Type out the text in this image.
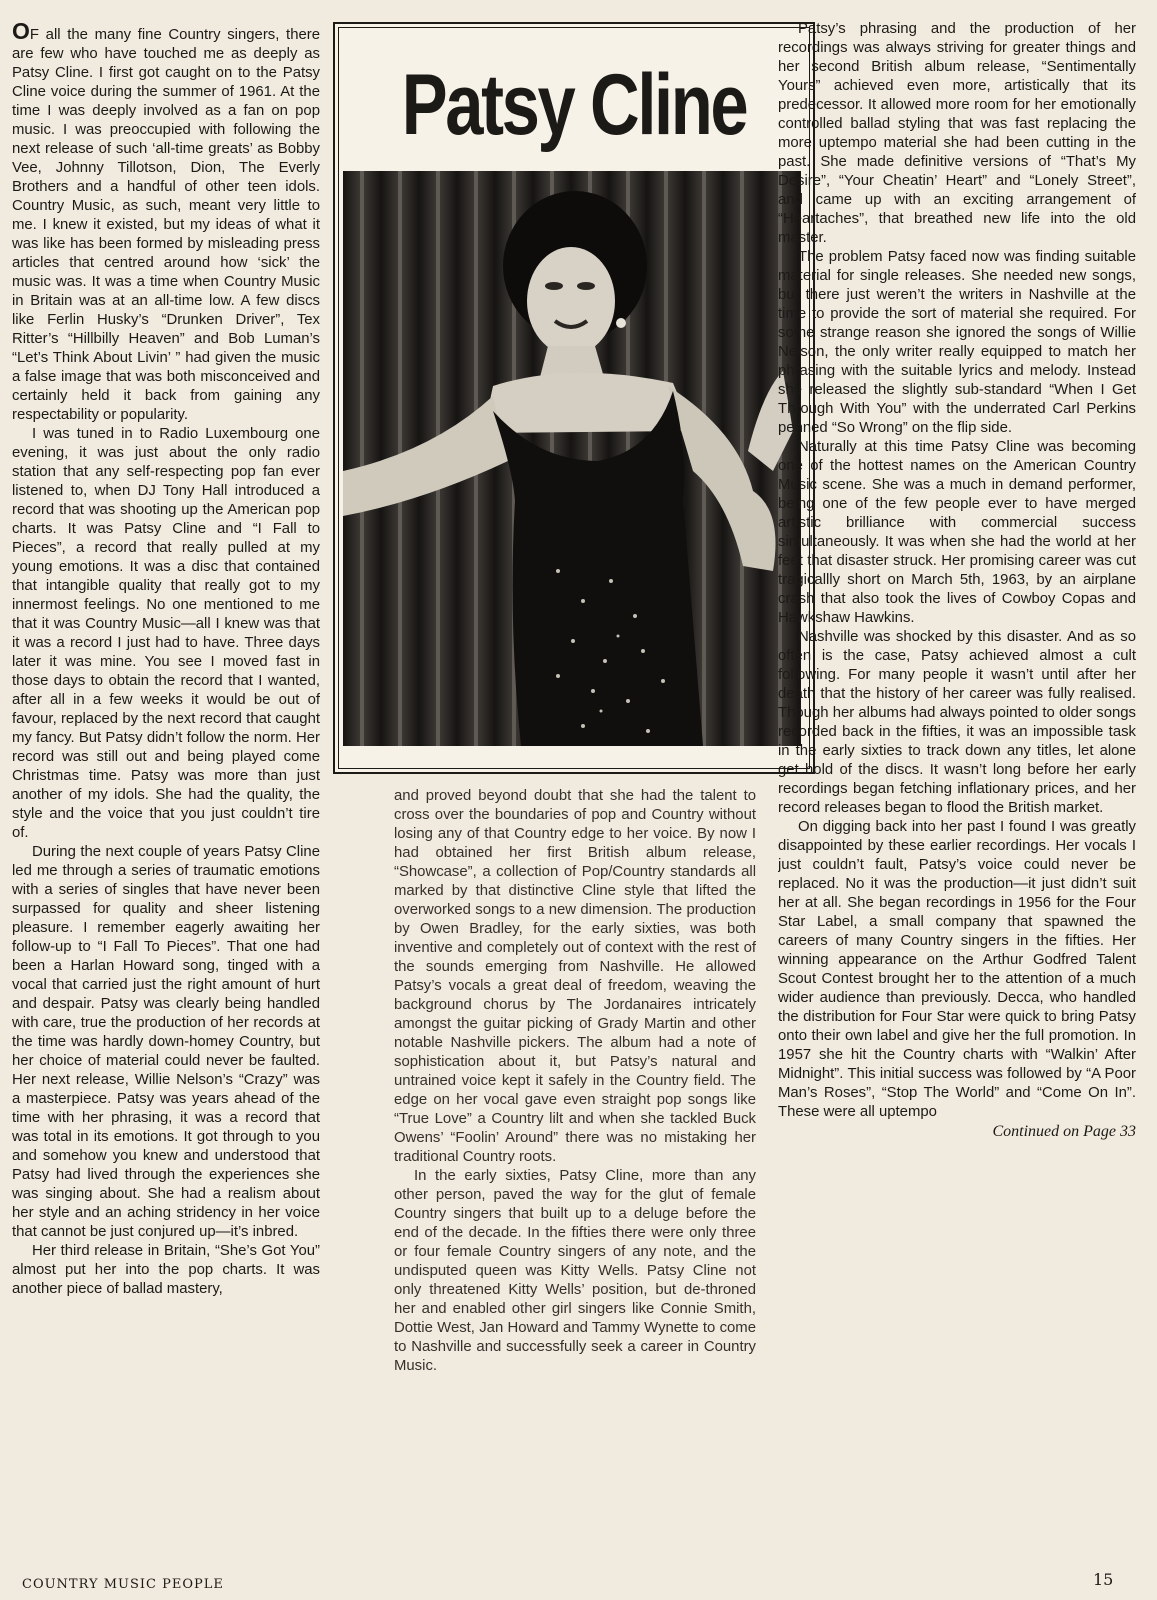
OF all the many fine Country singers, there are few who have touched me as deeply as Patsy Cline. I first got caught on to the Patsy Cline voice during the summer of 1961. At the time I was deeply involved as a fan on pop music. I was preoccupied with following the next release of such ‘all-time greats’ as Bobby Vee, Johnny Tillotson, Dion, The Everly Brothers and a handful of other teen idols. Country Music, as such, meant very little to me. I knew it existed, but my ideas of what it was like has been formed by misleading press articles that centred around how ‘sick’ the music was. It was a time when Country Music in Britain was at an all-time low. A few discs like Ferlin Husky’s “Drunken Driver”, Tex Ritter’s “Hillbilly Heaven” and Bob Luman’s “Let’s Think About Livin’ ” had given the music a false image that was both misconceived and certainly held it back from gaining any respectability or popularity.

I was tuned in to Radio Luxembourg one evening, it was just about the only radio station that any self-respecting pop fan ever listened to, when DJ Tony Hall introduced a record that was shooting up the American pop charts. It was Patsy Cline and “I Fall to Pieces”, a record that really pulled at my young emotions. It was a disc that contained that intangible quality that really got to my innermost feelings. No one mentioned to me that it was Country Music—all I knew was that it was a record I just had to have. Three days later it was mine. You see I moved fast in those days to obtain the record that I wanted, after all in a few weeks it would be out of favour, replaced by the next record that caught my fancy. But Patsy didn’t follow the norm. Her record was still out and being played come Christmas time. Patsy was more than just another of my idols. She had the quality, the style and the voice that you just couldn’t tire of.

During the next couple of years Patsy Cline led me through a series of traumatic emotions with a series of singles that have never been surpassed for quality and sheer listening pleasure. I remember eagerly awaiting her follow-up to “I Fall To Pieces”. That one had been a Harlan Howard song, tinged with a vocal that carried just the right amount of hurt and despair. Patsy was clearly being handled with care, true the production of her records at the time was hardly down-homey Country, but her choice of material could never be faulted. Her next release, Willie Nelson’s “Crazy” was a masterpiece. Patsy was years ahead of the time with her phrasing, it was a record that was total in its emotions. It got through to you and somehow you knew and understood that Patsy had lived through the experiences she was singing about. She had a realism about her style and an aching stridency in her voice that cannot be just conjured up—it’s inbred.

Her third release in Britain, “She’s Got You” almost put her into the pop charts. It was another piece of ballad mastery,

Patsy Cline

and proved beyond doubt that she had the talent to cross over the boundaries of pop and Country without losing any of that Country edge to her voice. By now I had obtained her first British album release, “Showcase”, a collection of Pop/Country standards all marked by that distinctive Cline style that lifted the overworked songs to a new dimension. The production by Owen Bradley, for the early sixties, was both inventive and completely out of context with the rest of the sounds emerging from Nashville. He allowed Patsy’s vocals a great deal of freedom, weaving the background chorus by The Jordanaires intricately amongst the guitar picking of Grady Martin and other notable Nashville pickers. The album had a note of sophistication about it, but Patsy’s natural and untrained voice kept it safely in the Country field. The edge on her vocal gave even straight pop songs like “True Love” a Country lilt and when she tackled Buck Owens’ “Foolin’ Around” there was no mistaking her traditional Country roots.

In the early sixties, Patsy Cline, more than any other person, paved the way for the glut of female Country singers that built up to a deluge before the end of the decade. In the fifties there were only three or four female Country singers of any note, and the undisputed queen was Kitty Wells. Patsy Cline not only threatened Kitty Wells’ position, but de-throned her and enabled other girl singers like Connie Smith, Dottie West, Jan Howard and Tammy Wynette to come to Nashville and successfully seek a career in Country Music.

Patsy’s phrasing and the production of her recordings was always striving for greater things and her second British album release, “Sentimentally Yours” achieved even more, artistically that its predecessor. It allowed more room for her emotionally controlled ballad styling that was fast replacing the more uptempo material she had been cutting in the past. She made definitive versions of “That’s My Desire”, “Your Cheatin’ Heart” and “Lonely Street”, and came up with an exciting arrangement of “Heartaches”, that breathed new life into the old master.

The problem Patsy faced now was finding suitable material for single releases. She needed new songs, but there just weren’t the writers in Nashville at the time to provide the sort of material she required. For some strange reason she ignored the songs of Willie Nelson, the only writer really equipped to match her phrasing with the suitable lyrics and melody. Instead she released the slightly sub-standard “When I Get Through With You” with the underrated Carl Perkins penned “So Wrong” on the flip side.

Naturally at this time Patsy Cline was becoming one of the hottest names on the American Country Music scene. She was a much in demand performer, being one of the few people ever to have merged artistic brilliance with commercial success simultaneously. It was when she had the world at her feet that disaster struck. Her promising career was cut tragicallly short on March 5th, 1963, by an airplane crash that also took the lives of Cowboy Copas and Hawkshaw Hawkins.

Nashville was shocked by this disaster. And as so often is the case, Patsy achieved almost a cult following. For many people it wasn’t until after her death that the history of her career was fully realised. Though her albums had always pointed to older songs recorded back in the fifties, it was an impossible task in the early sixties to track down any titles, let alone get hold of the discs. It wasn’t long before her early recordings began fetching inflationary prices, and her record releases began to flood the British market.

On digging back into her past I found I was greatly disappointed by these earlier recordings. Her vocals I just couldn’t fault, Patsy’s voice could never be replaced. No it was the production—it just didn’t suit her at all. She began recordings in 1956 for the Four Star Label, a small company that spawned the careers of many Country singers in the fifties. Her winning appearance on the Arthur Godfred Talent Scout Contest brought her to the attention of a much wider audience than previously. Decca, who handled the distribution for Four Star were quick to bring Patsy onto their own label and give her the full promotion. In 1957 she hit the Country charts with “Walkin’ After Midnight”. This initial success was followed by “A Poor Man’s Roses”, “Stop The World” and “Come On In”. These were all uptempo

Continued on Page 33
COUNTRY MUSIC PEOPLE	15
